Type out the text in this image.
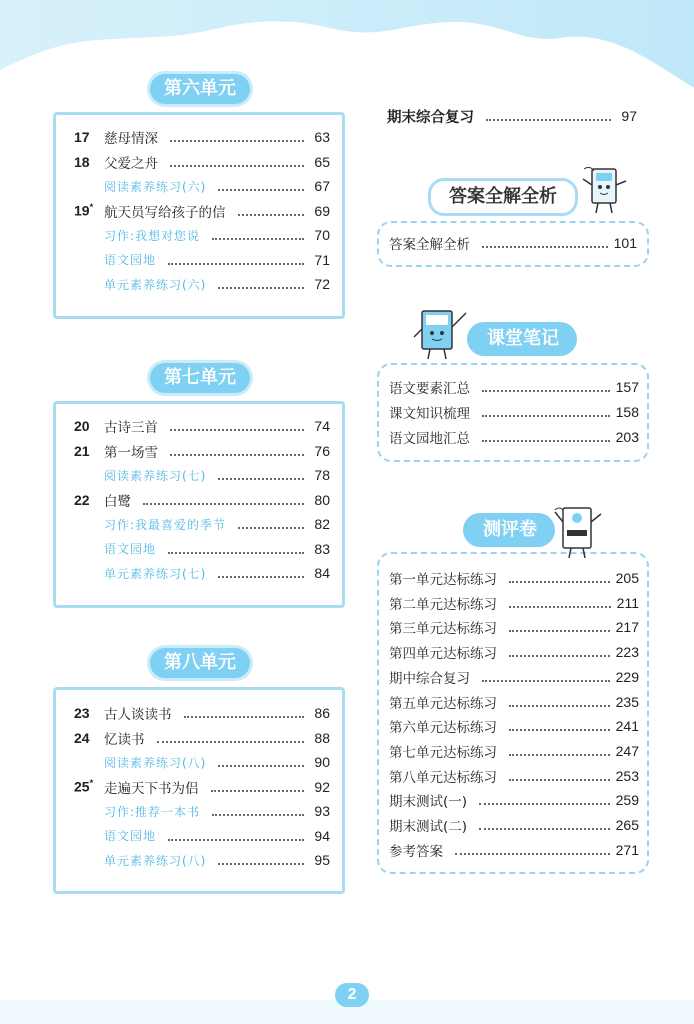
第六单元
第七单元
第八单元
期末综合复习	97
答案全解全析
课堂笔记
测评卷
2
17	慈母情深	63
18	父爱之舟	65
阅读素养练习(六)	67
19* 航天员写给孩子的信	69
习作:我想对您说	70
语文园地	71
单元素养练习(六)	72
20	古诗三首	74
21	第一场雪	76
阅读素养练习(七)	78
22	白鹭	80
习作:我最喜爱的季节	82
语文园地	83
单元素养练习(七)	84
23	古人谈读书	86
24	忆读书	88
阅读素养练习(八)	90
25* 走遍天下书为侣	92
习作:推荐一本书	93
语文园地	94
单元素养练习(八)	95
答案全解全析	101
语文要素汇总	157
课文知识梳理	158
语文园地汇总	203
第一单元达标练习	205
第二单元达标练习	211
第三单元达标练习	217
第四单元达标练习	223
期中综合复习	229
第五单元达标练习	235
第六单元达标练习	241
第七单元达标练习	247
第八单元达标练习	253
期末测试(一)	259
期末测试(二)	265
参考答案	271
